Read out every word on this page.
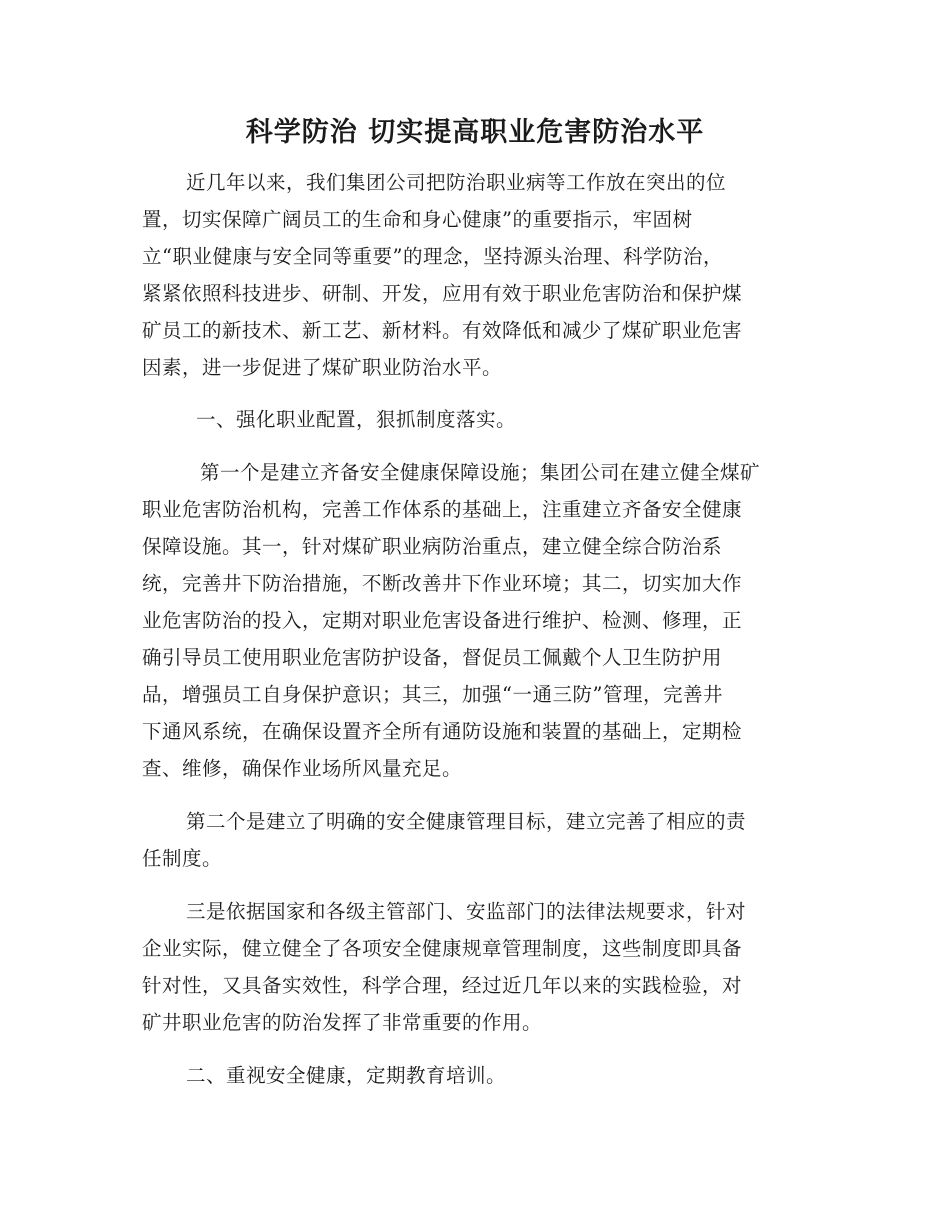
科学防治 切实提高职业危害防治水平
近几年以来，我们集团公司把防治职业病等工作放在突出的位
置，切实保障广阔员工的生命和身心健康”的重要指示，牢固树
立“职业健康与安全同等重要”的理念，坚持源头治理、科学防治，
紧紧依照科技进步、研制、开发，应用有效于职业危害防治和保护煤
矿员工的新技术、新工艺、新材料。有效降低和减少了煤矿职业危害
因素，进一步促进了煤矿职业防治水平。
一、强化职业配置，狠抓制度落实。
第一个是建立齐备安全健康保障设施；集团公司在建立健全煤矿
职业危害防治机构，完善工作体系的基础上，注重建立齐备安全健康
保障设施。其一，针对煤矿职业病防治重点，建立健全综合防治系
统，完善井下防治措施，不断改善井下作业环境；其二，切实加大作
业危害防治的投入，定期对职业危害设备进行维护、检测、修理，正
确引导员工使用职业危害防护设备，督促员工佩戴个人卫生防护用
品，增强员工自身保护意识；其三，加强“一通三防”管理，完善井
下通风系统，在确保设置齐全所有通防设施和装置的基础上，定期检
查、维修，确保作业场所风量充足。
第二个是建立了明确的安全健康管理目标，建立完善了相应的责
任制度。
三是依据国家和各级主管部门、安监部门的法律法规要求，针对
企业实际，健立健全了各项安全健康规章管理制度，这些制度即具备
针对性，又具备实效性，科学合理，经过近几年以来的实践检验，对
矿井职业危害的防治发挥了非常重要的作用。
二、重视安全健康，定期教育培训。
